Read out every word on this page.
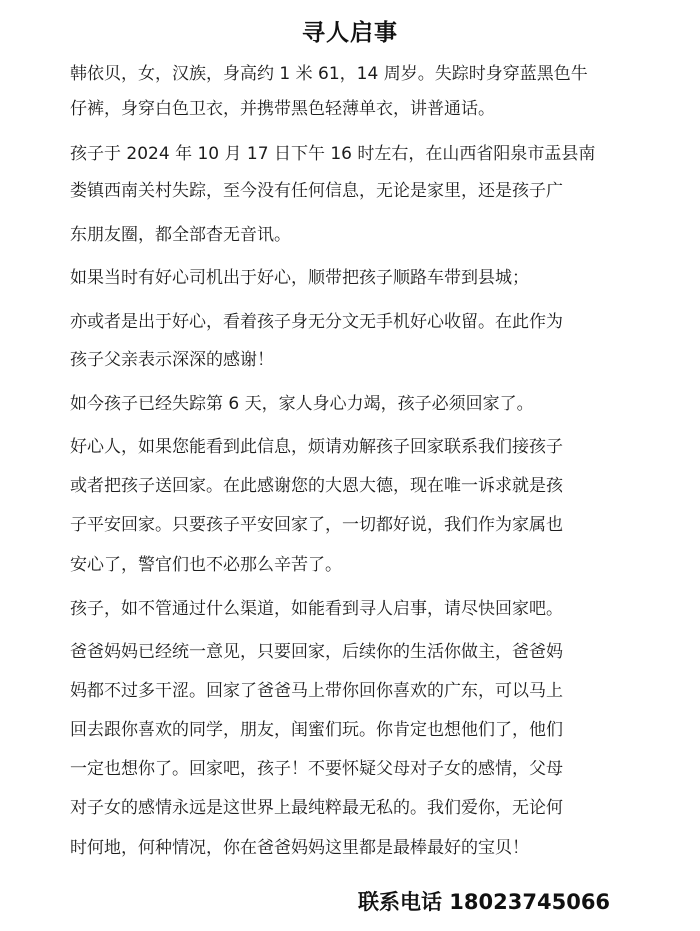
寻人启事
韩依贝，女，汉族，身高约 1 米 61，14 周岁。失踪时身穿蓝黑色牛
仔裤，身穿白色卫衣，并携带黑色轻薄单衣，讲普通话。
孩子于 2024 年 10 月 17 日下午 16 时左右，在山西省阳泉市盂县南
娄镇西南关村失踪，至今没有任何信息，无论是家里，还是孩子广
东朋友圈，都全部杳无音讯。
如果当时有好心司机出于好心，顺带把孩子顺路车带到县城；
亦或者是出于好心，看着孩子身无分文无手机好心收留。在此作为
孩子父亲表示深深的感谢！
如今孩子已经失踪第 6 天，家人身心力竭，孩子必须回家了。
好心人，如果您能看到此信息，烦请劝解孩子回家联系我们接孩子
或者把孩子送回家。在此感谢您的大恩大德，现在唯一诉求就是孩
子平安回家。只要孩子平安回家了，一切都好说，我们作为家属也
安心了，警官们也不必那么辛苦了。
孩子，如不管通过什么渠道，如能看到寻人启事，请尽快回家吧。
爸爸妈妈已经统一意见，只要回家，后续你的生活你做主，爸爸妈
妈都不过多干涩。回家了爸爸马上带你回你喜欢的广东，可以马上
回去跟你喜欢的同学，朋友，闺蜜们玩。你肯定也想他们了，他们
一定也想你了。回家吧，孩子！不要怀疑父母对子女的感情，父母
对子女的感情永远是这世界上最纯粹最无私的。我们爱你，无论何
时何地，何种情况，你在爸爸妈妈这里都是最棒最好的宝贝！
联系电话 18023745066
